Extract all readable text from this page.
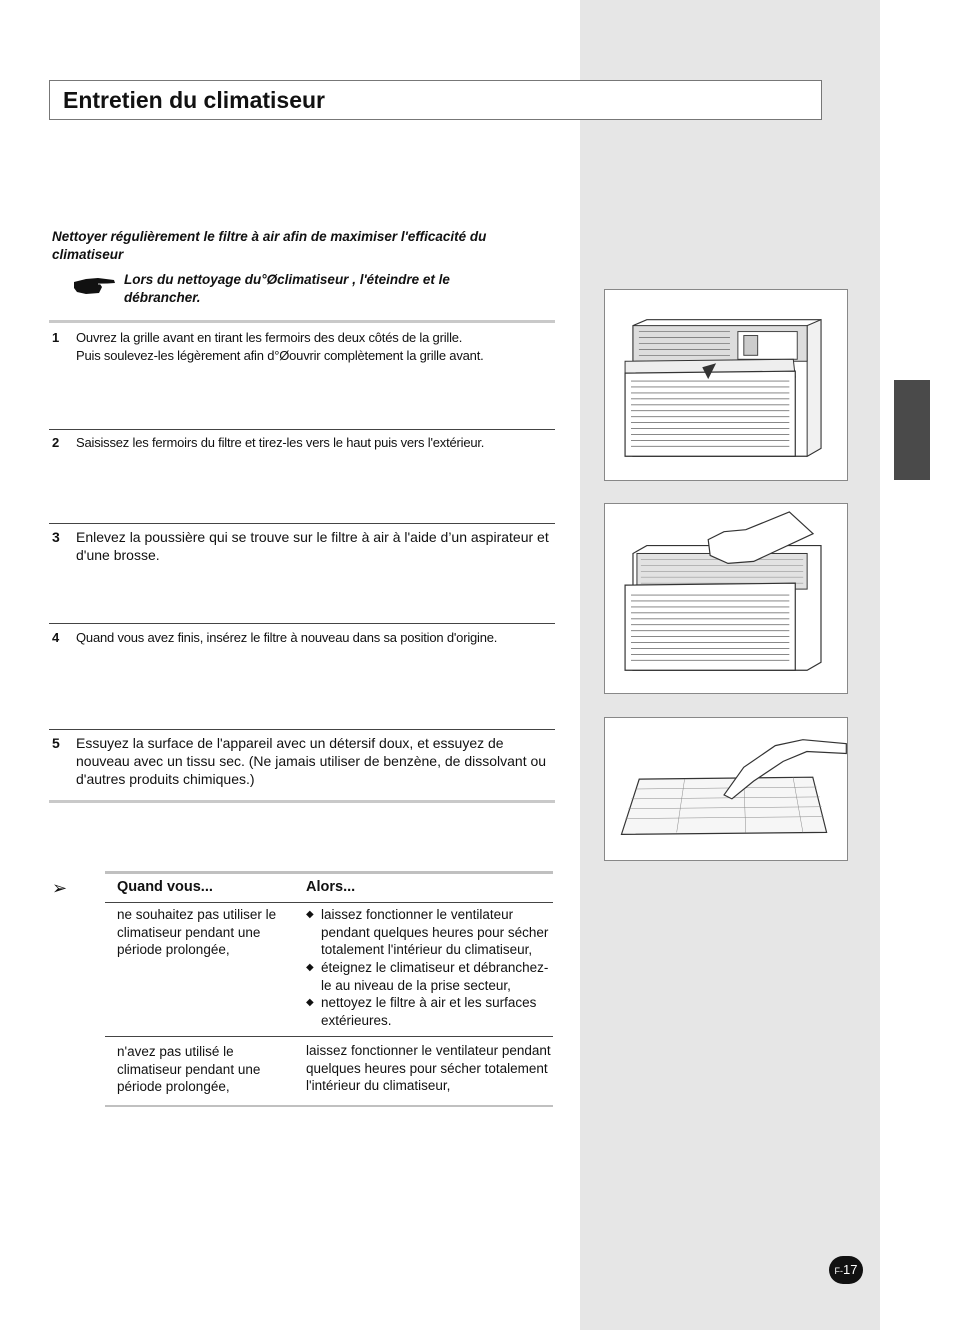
Entretien du climatiseur
Nettoyer régulièrement le filtre à air afin de maximiser l'efficacité du climatiseur
Lors du nettoyage du°Øclimatiseur , l'éteindre et le débrancher.
1 Ouvrez la grille avant en tirant les fermoirs des deux côtés de la grille.
Puis soulevez-les légèrement afin d°Øouvrir complètement la grille avant.
2 Saisissez les fermoirs du filtre et tirez-les vers le haut puis vers l'extérieur.
3 Enlevez la poussière qui se trouve sur le filtre à air à l'aide d’un aspirateur et d'une brosse.
4 Quand vous avez finis, insérez le filtre à nouveau dans sa position d'origine.
5 Essuyez la surface de l'appareil avec un détersif doux, et essuyez de nouveau avec un tissu sec. (Ne jamais utiliser de benzène, de dissolvant ou d'autres produits chimiques.)
➢	Quand vous...	Alors...
ne souhaitez pas utiliser le climatiseur pendant une période prolongée,
◆ laissez fonctionner le ventilateur pendant quelques heures pour sécher totalement l'intérieur du climatiseur,
◆ éteignez le climatiseur et débranchez-le au niveau de la prise secteur,
◆ nettoyez le filtre à air et les surfaces extérieures.
n'avez pas utilisé le climatiseur pendant une période prolongée,
laissez fonctionner le ventilateur pendant quelques heures pour sécher totalement l'intérieur du climatiseur,
F-17
